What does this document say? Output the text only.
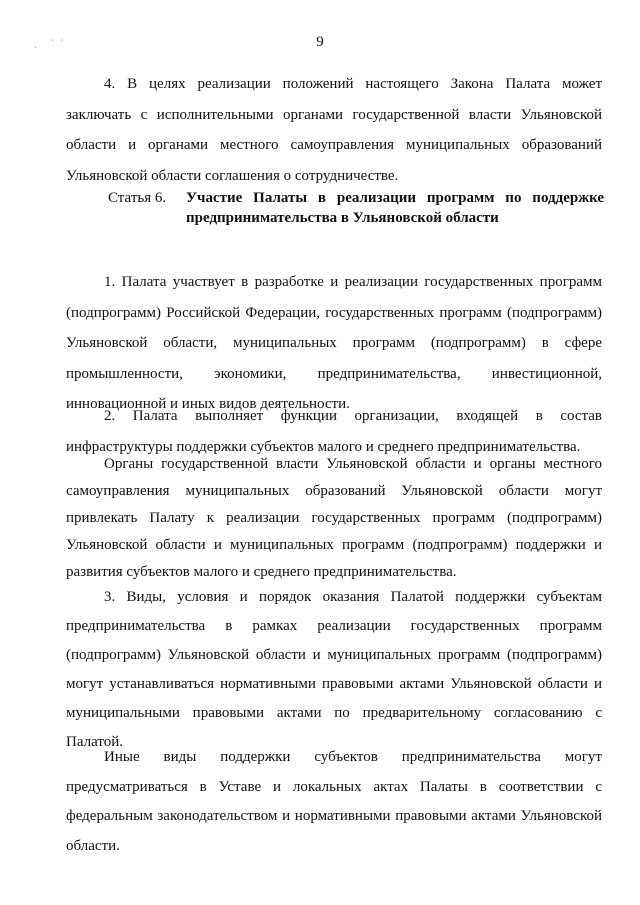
ˎ ˙˙	9

4. В целях реализации положений настоящего Закона Палата может заключать с исполнительными органами государственной власти Ульяновской области и органами местного самоуправления муниципальных образований Ульяновской области соглашения о сотрудничестве.

Статья 6.	Участие Палаты в реализации программ по поддержке предпринимательства в Ульяновской области

1. Палата участвует в разработке и реализации государственных программ (подпрограмм) Российской Федерации, государственных программ (подпрограмм) Ульяновской области, муниципальных программ (подпрограмм) в сфере промышленности, экономики, предпринимательства, инвестиционной, инновационной и иных видов деятельности.

2. Палата выполняет функции организации, входящей в состав инфраструктуры поддержки субъектов малого и среднего предпринимательства.

Органы государственной власти Ульяновской области и органы местного самоуправления муниципальных образований Ульяновской области могут привлекать Палату к реализации государственных программ (подпрограмм) Ульяновской области и муниципальных программ (подпрограмм) поддержки и развития субъектов малого и среднего предпринимательства.

3. Виды, условия и порядок оказания Палатой поддержки субъектам предпринимательства в рамках реализации государственных программ (подпрограмм) Ульяновской области и муниципальных программ (подпрограмм) могут устанавливаться нормативными правовыми актами Ульяновской области и муниципальными правовыми актами по предварительному согласованию с Палатой.

Иные виды поддержки субъектов предпринимательства могут предусматриваться в Уставе и локальных актах Палаты в соответствии с федеральным законодательством и нормативными правовыми актами Ульяновской области.
